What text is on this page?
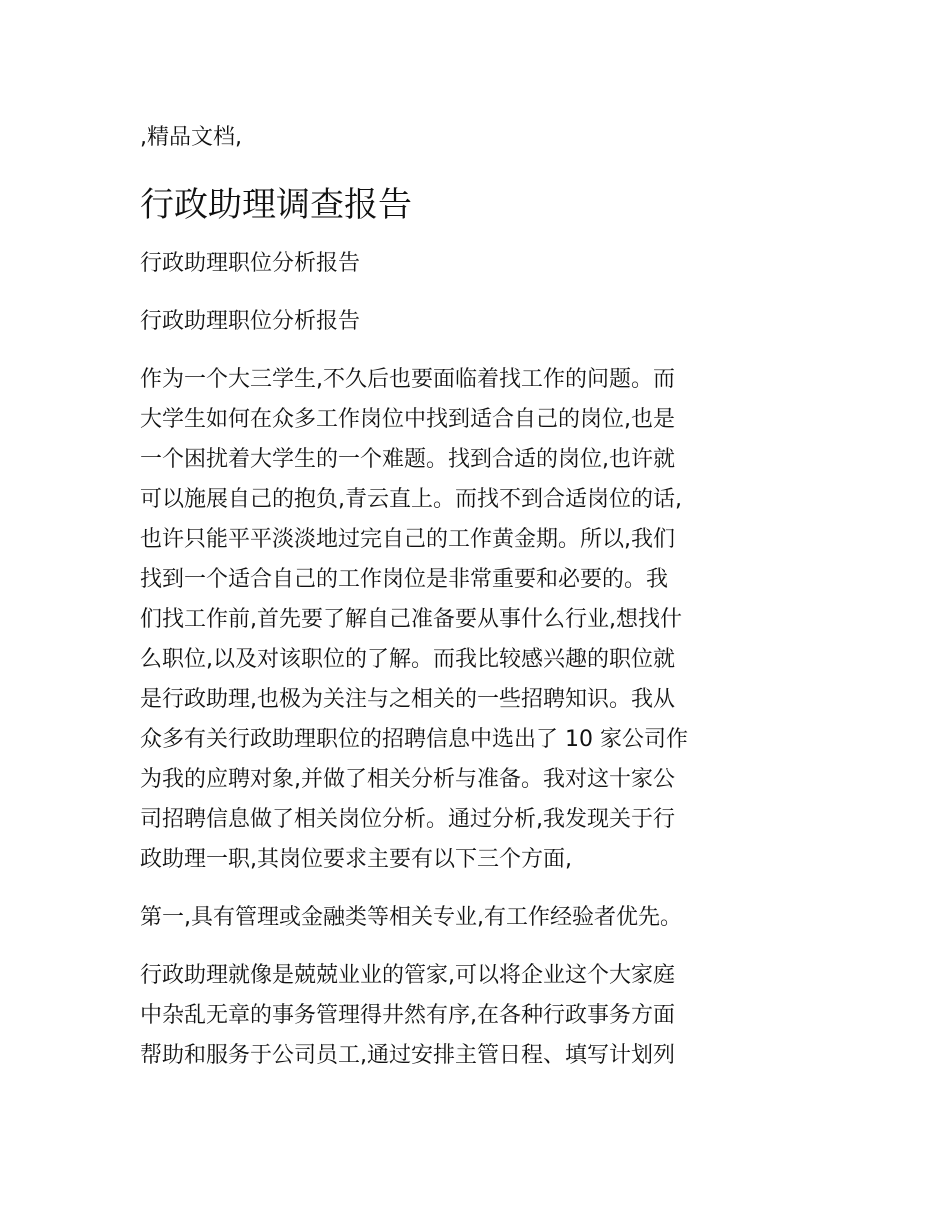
,精品文档,
行政助理调查报告
行政助理职位分析报告
行政助理职位分析报告
作为一个大三学生,不久后也要面临着找工作的问题。而
大学生如何在众多工作岗位中找到适合自己的岗位,也是
一个困扰着大学生的一个难题。找到合适的岗位,也许就
可以施展自己的抱负,青云直上。而找不到合适岗位的话,
也许只能平平淡淡地过完自己的工作黄金期。所以,我们
找到一个适合自己的工作岗位是非常重要和必要的。我
们找工作前,首先要了解自己准备要从事什么行业,想找什
么职位,以及对该职位的了解。而我比较感兴趣的职位就
是行政助理,也极为关注与之相关的一些招聘知识。我从
众多有关行政助理职位的招聘信息中选出了 10 家公司作
为我的应聘对象,并做了相关分析与准备。我对这十家公
司招聘信息做了相关岗位分析。通过分析,我发现关于行
政助理一职,其岗位要求主要有以下三个方面,
第一,具有管理或金融类等相关专业,有工作经验者优先。
行政助理就像是兢兢业业的管家,可以将企业这个大家庭
中杂乱无章的事务管理得井然有序,在各种行政事务方面
帮助和服务于公司员工,通过安排主管日程、填写计划列
